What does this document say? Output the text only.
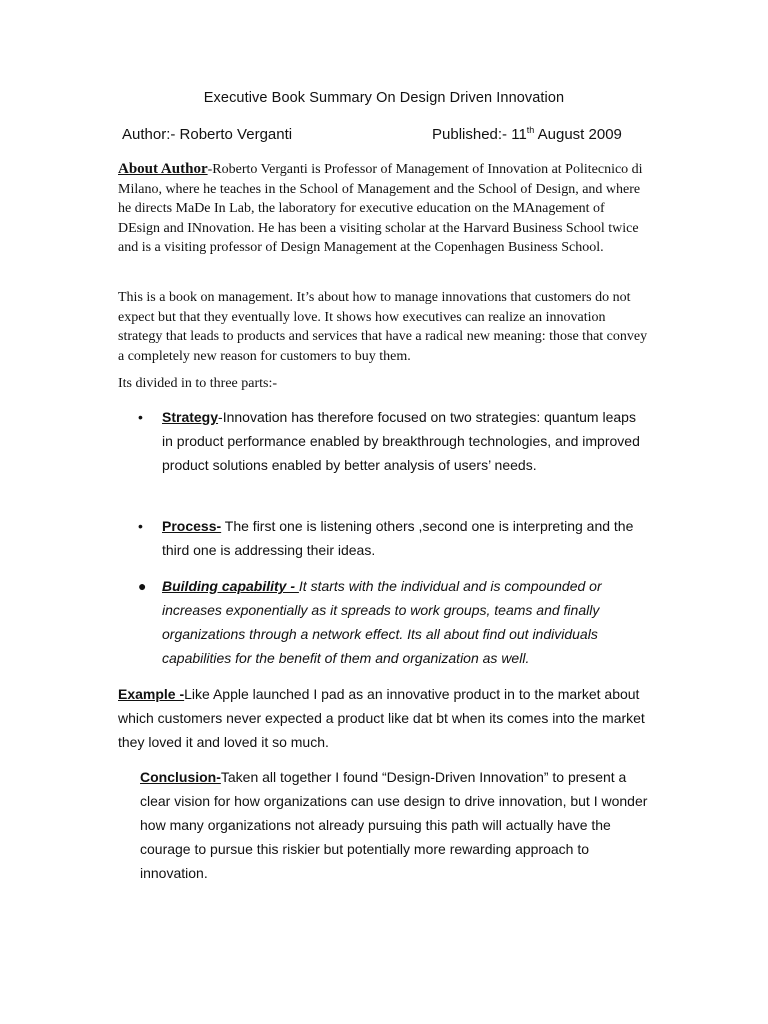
Executive Book Summary On Design Driven Innovation
Author:- Roberto Verganti	Published:- 11th August 2009
About Author-Roberto Verganti is Professor of Management of Innovation at Politecnico di Milano, where he teaches in the School of Management and the School of Design, and where he directs MaDe In Lab, the laboratory for executive education on the MAnagement of DEsign and INnovation. He has been a visiting scholar at the Harvard Business School twice and is a visiting professor of Design Management at the Copenhagen Business School.
This is a book on management. It’s about how to manage innovations that customers do not expect but that they eventually love. It shows how executives can realize an innovation strategy that leads to products and services that have a radical new meaning: those that convey a completely new reason for customers to buy them.
Its divided in to three parts:-
• Strategy-Innovation has therefore focused on two strategies: quantum leaps in product performance enabled by breakthrough technologies, and improved product solutions enabled by better analysis of users’ needs.
• Process- The first one is listening others ,second one is interpreting and the third one is addressing their ideas.
● Building capability - It starts with the individual and is compounded or increases exponentially as it spreads to work groups, teams and finally organizations through a network effect. Its all about find out individuals capabilities for the benefit of them and organization as well.
Example -Like Apple launched I pad as an innovative product in to the market about which customers never expected a product like dat bt when its comes into the market they loved it and loved it so much.
Conclusion-Taken all together I found “Design-Driven Innovation” to present a clear vision for how organizations can use design to drive innovation, but I wonder how many organizations not already pursuing this path will actually have the courage to pursue this riskier but potentially more rewarding approach to innovation.
